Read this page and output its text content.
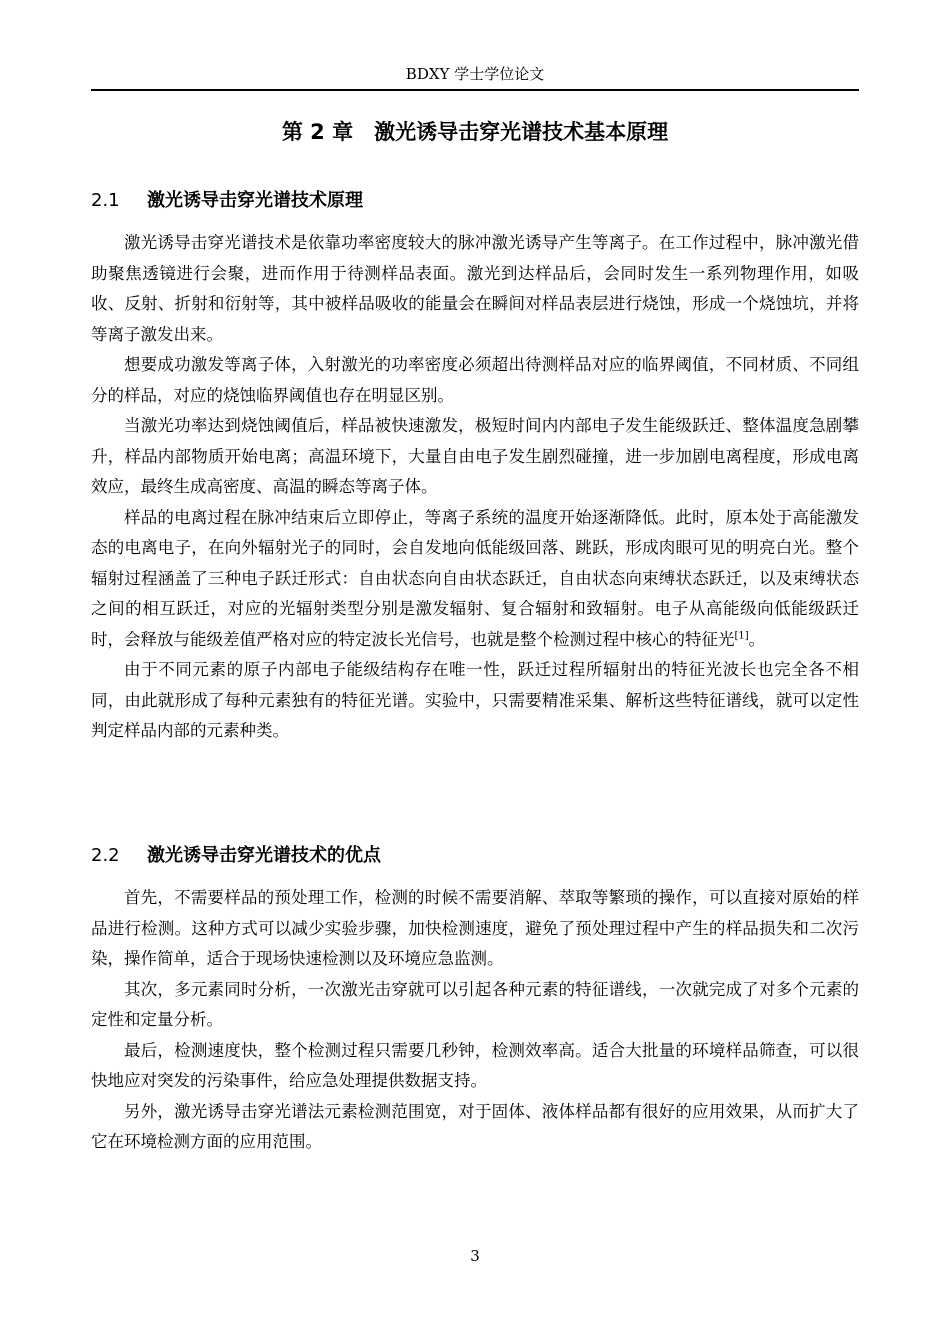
BDXY 学士学位论文
第 2 章　激光诱导击穿光谱技术基本原理
2.1 激光诱导击穿光谱技术原理

激光诱导击穿光谱技术是依靠功率密度较大的脉冲激光诱导产生等离子。在工作过程中，脉冲激光借助聚焦透镜进行会聚，进而作用于待测样品表面。激光到达样品后，会同时发生一系列物理作用，如吸收、反射、折射和衍射等，其中被样品吸收的能量会在瞬间对样品表层进行烧蚀，形成一个烧蚀坑，并将等离子激发出来。

想要成功激发等离子体，入射激光的功率密度必须超出待测样品对应的临界阈值，不同材质、不同组分的样品，对应的烧蚀临界阈值也存在明显区别。

当激光功率达到烧蚀阈值后，样品被快速激发，极短时间内内部电子发生能级跃迁、整体温度急剧攀升，样品内部物质开始电离；高温环境下，大量自由电子发生剧烈碰撞，进一步加剧电离程度，形成电离效应，最终生成高密度、高温的瞬态等离子体。

样品的电离过程在脉冲结束后立即停止，等离子系统的温度开始逐渐降低。此时，原本处于高能激发态的电离电子，在向外辐射光子的同时，会自发地向低能级回落、跳跃，形成肉眼可见的明亮白光。整个辐射过程涵盖了三种电子跃迁形式：自由状态向自由状态跃迁，自由状态向束缚状态跃迁，以及束缚状态之间的相互跃迁，对应的光辐射类型分别是激发辐射、复合辐射和致辐射。电子从高能级向低能级跃迁时，会释放与能级差值严格对应的特定波长光信号，也就是整个检测过程中核心的特征光[1]。

由于不同元素的原子内部电子能级结构存在唯一性，跃迁过程所辐射出的特征光波长也完全各不相同，由此就形成了每种元素独有的特征光谱。实验中，只需要精准采集、解析这些特征谱线，就可以定性判定样品内部的元素种类。

2.2 激光诱导击穿光谱技术的优点

首先，不需要样品的预处理工作，检测的时候不需要消解、萃取等繁琐的操作，可以直接对原始的样品进行检测。这种方式可以减少实验步骤，加快检测速度，避免了预处理过程中产生的样品损失和二次污染，操作简单，适合于现场快速检测以及环境应急监测。

其次，多元素同时分析，一次激光击穿就可以引起各种元素的特征谱线，一次就完成了对多个元素的定性和定量分析。

最后，检测速度快，整个检测过程只需要几秒钟，检测效率高。适合大批量的环境样品筛查，可以很快地应对突发的污染事件，给应急处理提供数据支持。

另外，激光诱导击穿光谱法元素检测范围宽，对于固体、液体样品都有很好的应用效果，从而扩大了它在环境检测方面的应用范围。

3
